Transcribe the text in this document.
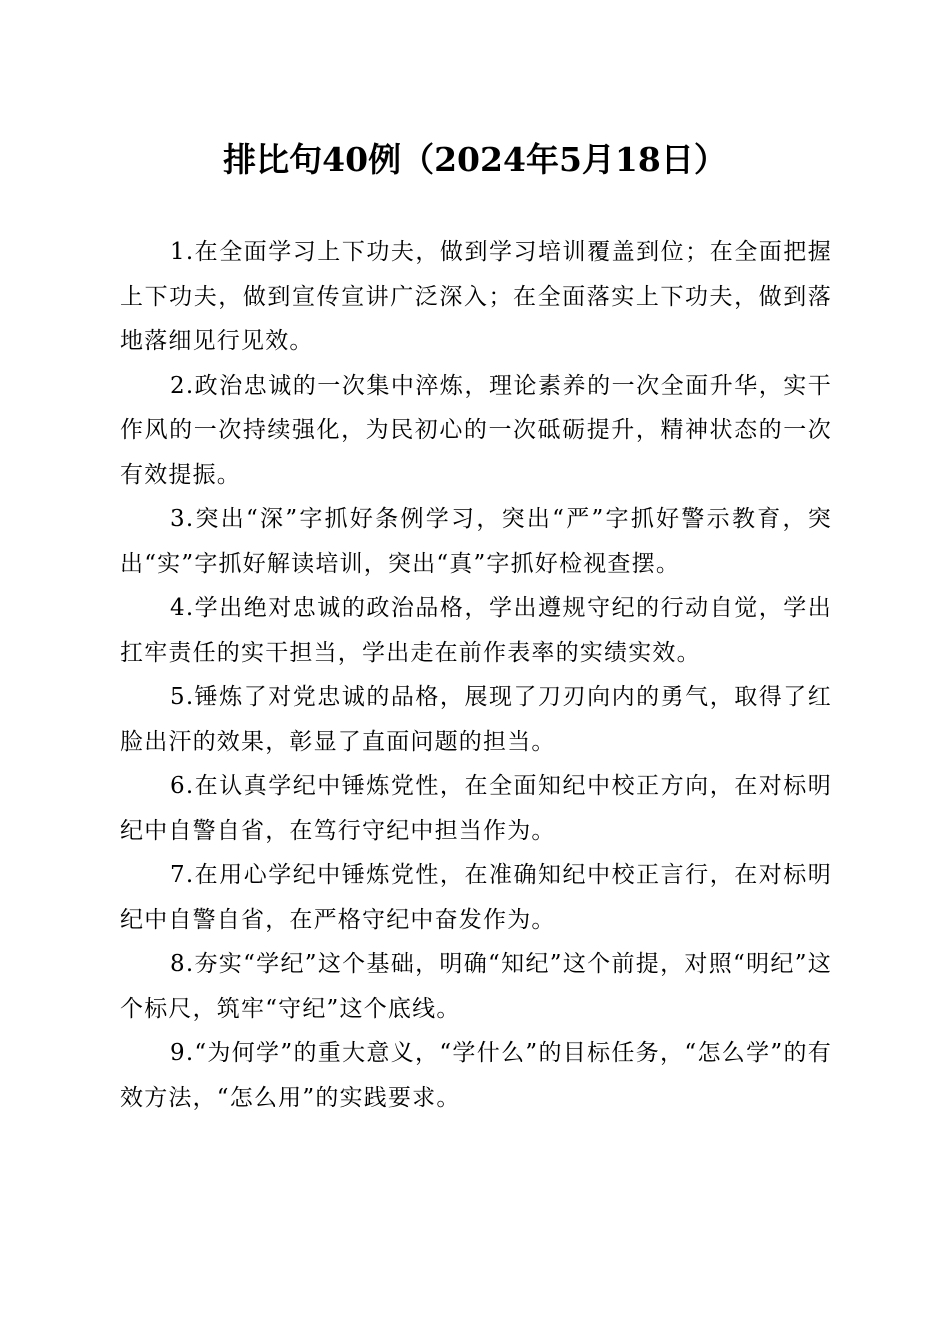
排比句40例（2024年5月18日）

1.在全面学习上下功夫，做到学习培训覆盖到位；在全面把握上下功夫，做到宣传宣讲广泛深入；在全面落实上下功夫，做到落地落细见行见效。

2.政治忠诚的一次集中淬炼，理论素养的一次全面升华，实干作风的一次持续强化，为民初心的一次砥砺提升，精神状态的一次有效提振。

3.突出“深”字抓好条例学习，突出“严”字抓好警示教育，突出“实”字抓好解读培训，突出“真”字抓好检视查摆。

4.学出绝对忠诚的政治品格，学出遵规守纪的行动自觉，学出扛牢责任的实干担当，学出走在前作表率的实绩实效。

5.锤炼了对党忠诚的品格，展现了刀刃向内的勇气，取得了红脸出汗的效果，彰显了直面问题的担当。

6.在认真学纪中锤炼党性，在全面知纪中校正方向，在对标明纪中自警自省，在笃行守纪中担当作为。

7.在用心学纪中锤炼党性，在准确知纪中校正言行，在对标明纪中自警自省，在严格守纪中奋发作为。

8.夯实“学纪”这个基础，明确“知纪”这个前提，对照“明纪”这个标尺，筑牢“守纪”这个底线。

9.“为何学”的重大意义，“学什么”的目标任务，“怎么学”的有效方法，“怎么用”的实践要求。
